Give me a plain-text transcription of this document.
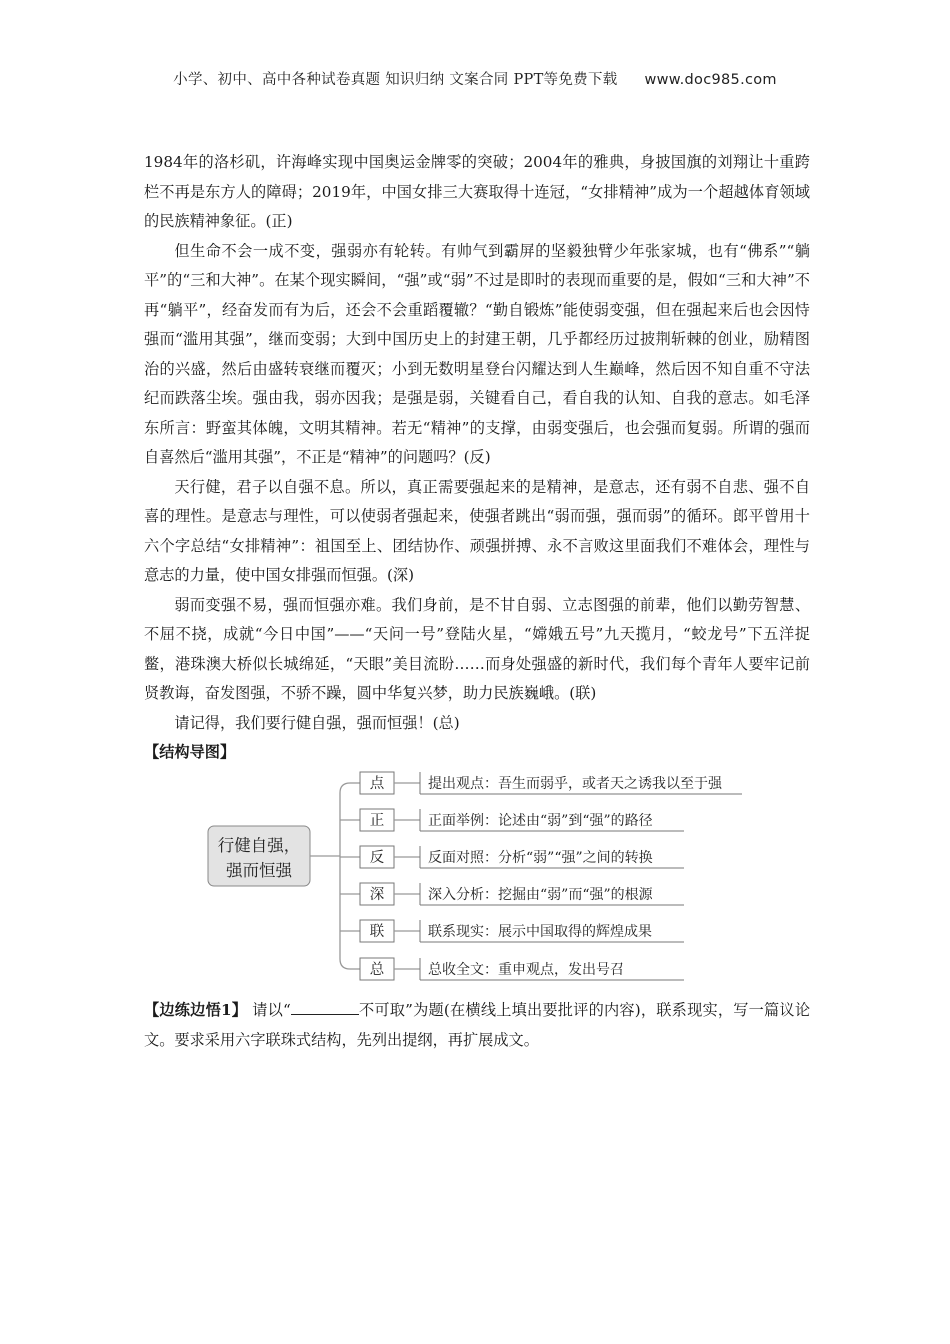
小学、初中、高中各种试卷真题 知识归纳 文案合同 PPT等免费下载 www.doc985.com

1984年的洛杉矶，许海峰实现中国奥运金牌零的突破；2004年的雅典，身披国旗的刘翔让十重跨栏不再是东方人的障碍；2019年，中国女排三大赛取得十连冠，“女排精神”成为一个超越体育领域的民族精神象征。(正)

但生命不会一成不变，强弱亦有轮转。有帅气到霸屏的坚毅独臂少年张家城，也有“佛系”“躺平”的“三和大神”。在某个现实瞬间，“强”或“弱”不过是即时的表现而重要的是，假如“三和大神”不再“躺平”，经奋发而有为后，还会不会重蹈覆辙？“勤自锻炼”能使弱变强，但在强起来后也会因恃强而“滥用其强”，继而变弱；大到中国历史上的封建王朝，几乎都经历过披荆斩棘的创业，励精图治的兴盛，然后由盛转衰继而覆灭；小到无数明星登台闪耀达到人生巅峰，然后因不知自重不守法纪而跌落尘埃。强由我，弱亦因我；是强是弱，关键看自己，看自我的认知、自我的意志。如毛泽东所言：野蛮其体魄，文明其精神。若无“精神”的支撑，由弱变强后，也会强而复弱。所谓的强而自喜然后“滥用其强”，不正是“精神”的问题吗？(反)

天行健，君子以自强不息。所以，真正需要强起来的是精神，是意志，还有弱不自悲、强不自喜的理性。是意志与理性，可以使弱者强起来，使强者跳出“弱而强，强而弱”的循环。郎平曾用十六个字总结“女排精神”：祖国至上、团结协作、顽强拼搏、永不言败这里面我们不难体会，理性与意志的力量，使中国女排强而恒强。(深)

弱而变强不易，强而恒强亦难。我们身前，是不甘自弱、立志图强的前辈，他们以勤劳智慧、不屈不挠，成就“今日中国”——“天问一号”登陆火星，“嫦娥五号”九天揽月，“蛟龙号”下五洋捉鳖，港珠澳大桥似长城绵延，“天眼”美目流盼……而身处强盛的新时代，我们每个青年人要牢记前贤教诲，奋发图强，不骄不躁，圆中华复兴梦，助力民族巍峨。(联)

请记得，我们要行健自强，强而恒强！(总)

【结构导图】

行健自强，
强而恒强
点	提出观点：吾生而弱乎，或者天之诱我以至于强
正	正面举例：论述由“弱”到“强”的路径
反	反面对照：分析“弱”“强”之间的转换
深	深入分析：挖掘由“弱”而“强”的根源
联	联系现实：展示中国取得的辉煌成果
总	总收全文：重申观点，发出号召

【边练边悟1】 请以“	不可取”为题(在横线上填出要批评的内容)，联系现实，写一篇议论文。要求采用六字联珠式结构，先列出提纲，再扩展成文。
